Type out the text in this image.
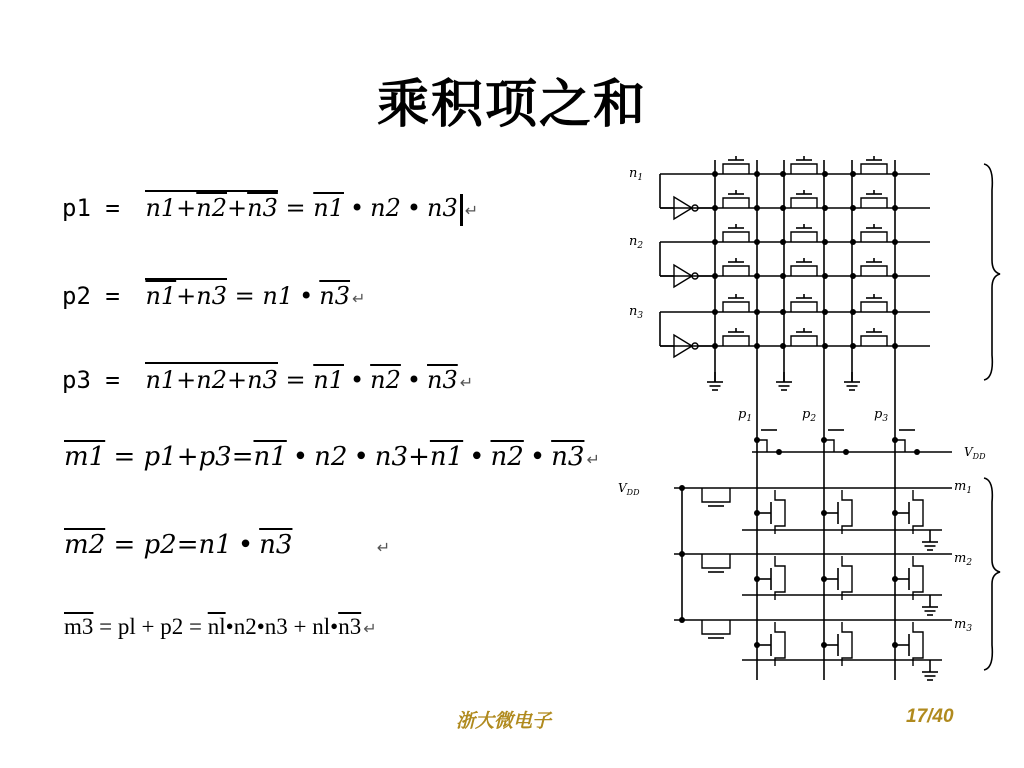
乘积项之和
p1 = n1+n2+n3 = n1 • n2 • n3 ↵
p2 = n1+n3 = n1 • n3 ↵
p3 = n1+n2+n3 = n1 • n2 • n3 ↵
m1 = p1+p3=n1 • n2 • n3+n1 • n2 • n3 ↵
m2 = p2=n1 • n3	↵
m3 = pl + $p2 = \overline{nl}•n2•n3$ + nl•n3 ↵
$n_1$
$n_2$
$n_3$
$p_1$	$p_2$	$p_3$
$V_{DD}$
$V_{DD}$	$m_1$
$m_2$
$m_3$
浙大微电子	17/40
